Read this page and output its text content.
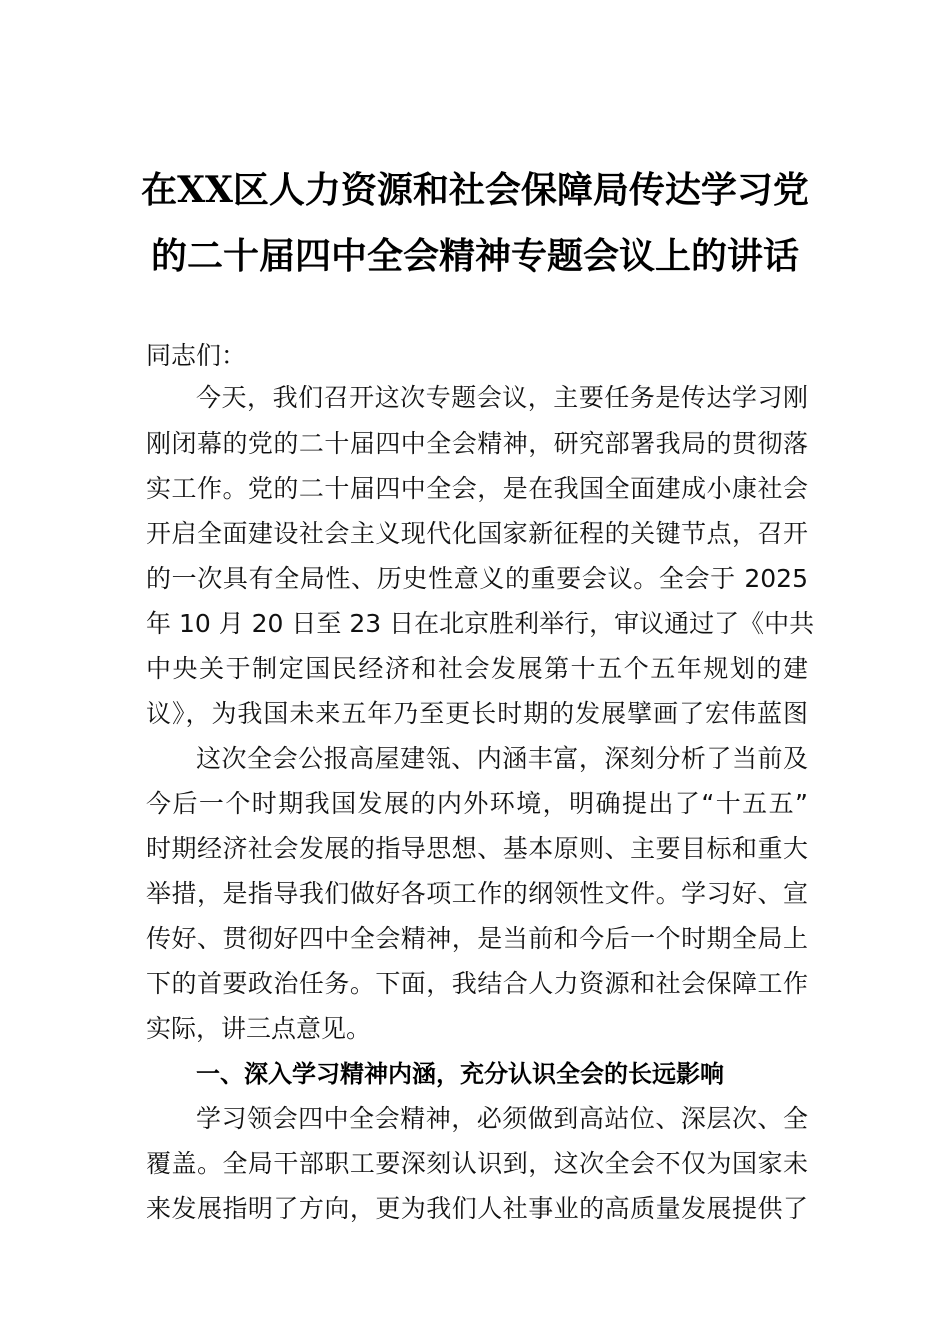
在XX区人力资源和社会保障局传达学习党
的二十届四中全会精神专题会议上的讲话
同志们：
今天，我们召开这次专题会议，主要任务是传达学习刚
刚闭幕的党的二十届四中全会精神，研究部署我局的贯彻落
实工作。党的二十届四中全会，是在我国全面建成小康社会
开启全面建设社会主义现代化国家新征程的关键节点，召开
的一次具有全局性、历史性意义的重要会议。全会于 2025
年 10 月 20 日至 23 日在北京胜利举行，审议通过了《中共
中央关于制定国民经济和社会发展第十五个五年规划的建
议》，为我国未来五年乃至更长时期的发展擘画了宏伟蓝图
这次全会公报高屋建瓴、内涵丰富，深刻分析了当前及
今后一个时期我国发展的内外环境，明确提出了“十五五”
时期经济社会发展的指导思想、基本原则、主要目标和重大
举措，是指导我们做好各项工作的纲领性文件。学习好、宣
传好、贯彻好四中全会精神，是当前和今后一个时期全局上
下的首要政治任务。下面，我结合人力资源和社会保障工作
实际，讲三点意见。
一、深入学习精神内涵，充分认识全会的长远影响
学习领会四中全会精神，必须做到高站位、深层次、全
覆盖。全局干部职工要深刻认识到，这次全会不仅为国家未
来发展指明了方向，更为我们人社事业的高质量发展提供了
